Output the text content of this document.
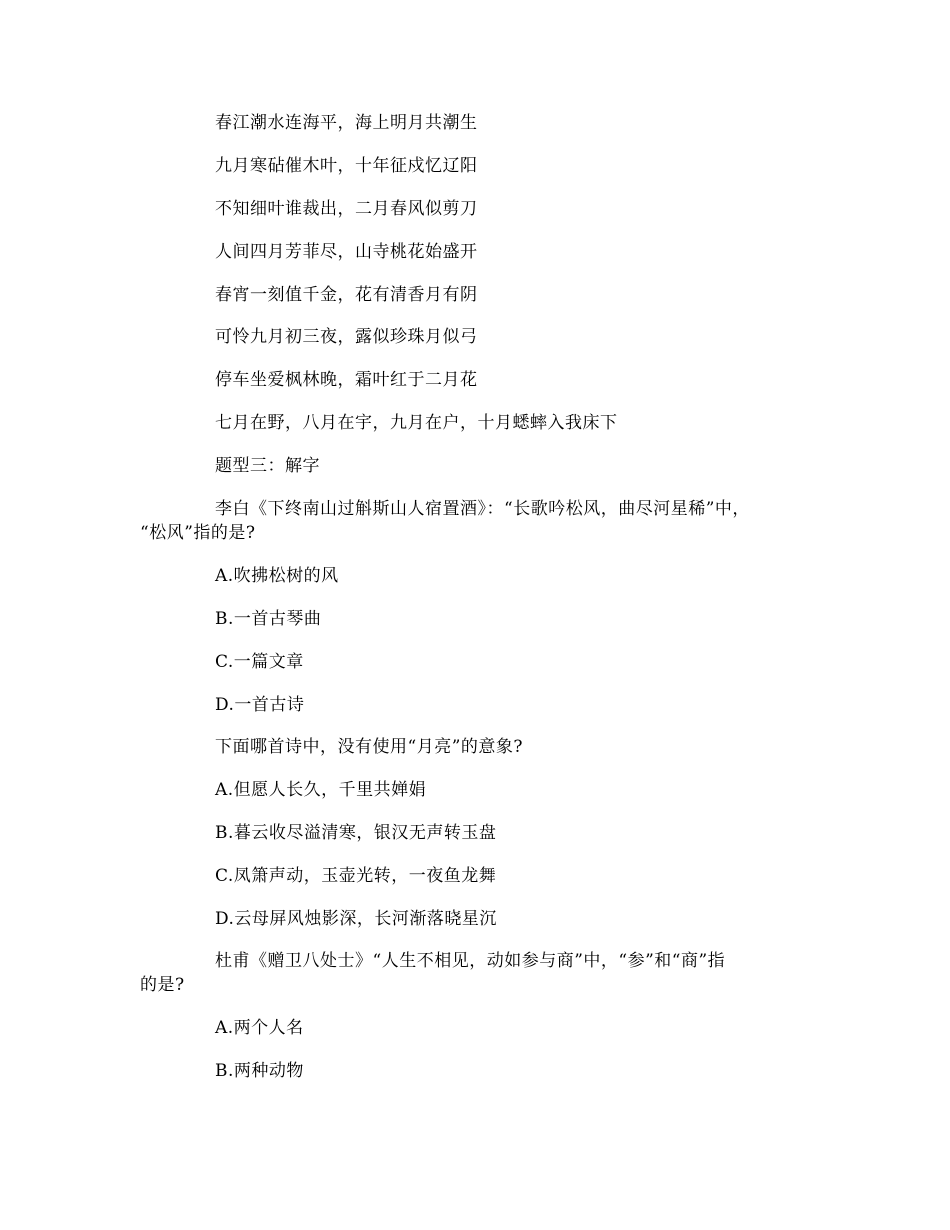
春江潮水连海平，海上明月共潮生
九月寒砧催木叶，十年征戍忆辽阳
不知细叶谁裁出，二月春风似剪刀
人间四月芳菲尽，山寺桃花始盛开
春宵一刻值千金，花有清香月有阴
可怜九月初三夜，露似珍珠月似弓
停车坐爱枫林晚，霜叶红于二月花
七月在野，八月在宇，九月在户，十月蟋蟀入我床下
题型三：解字
李白《下终南山过斛斯山人宿置酒》：“长歌吟松风，曲尽河星稀”中，
“松风”指的是?
A.吹拂松树的风
B.一首古琴曲
C.一篇文章
D.一首古诗
下面哪首诗中，没有使用“月亮”的意象?
A.但愿人长久，千里共婵娟
B.暮云收尽溢清寒，银汉无声转玉盘
C.凤箫声动，玉壶光转，一夜鱼龙舞
D.云母屏风烛影深，长河渐落晓星沉
杜甫《赠卫八处士》“人生不相见，动如参与商”中，“参”和“商”指
的是?
A.两个人名
B.两种动物
